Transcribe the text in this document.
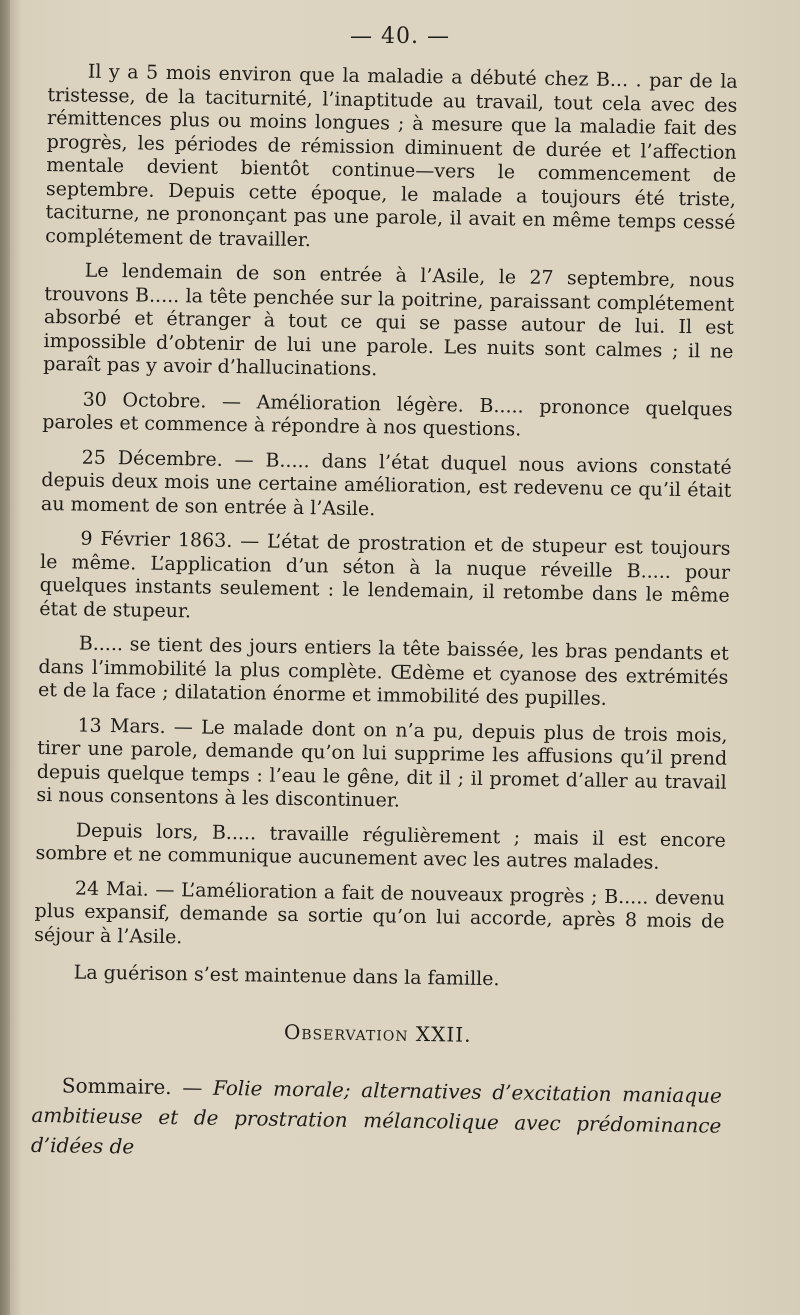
— 40. —

Il y a 5 mois environ que la maladie a débuté chez B... . par de la tristesse, de la taciturnité, l’inaptitude au travail, tout cela avec des rémittences plus ou moins longues ; à mesure que la maladie fait des progrès, les périodes de rémission diminuent de durée et l’affection mentale devient bientôt continue—vers le commencement de septembre. Depuis cette époque, le malade a toujours été triste, taciturne, ne prononçant pas une parole, il avait en même temps cessé complétement de travailler.

Le lendemain de son entrée à l’Asile, le 27 septembre, nous trouvons B..... la tête penchée sur la poitrine, paraissant complétement absorbé et étranger à tout ce qui se passe autour de lui. Il est impossible d’obtenir de lui une parole. Les nuits sont calmes ; il ne paraît pas y avoir d’hallucinations.

30 Octobre. — Amélioration légère. B..... prononce quelques paroles et commence à répondre à nos questions.

25 Décembre. — B..... dans l’état duquel nous avions constaté depuis deux mois une certaine amélioration, est redevenu ce qu’il était au moment de son entrée à l’Asile.

9 Février 1863. — L’état de prostration et de stupeur est toujours le même. L’application d’un séton à la nuque réveille B..... pour quelques instants seulement : le lendemain, il retombe dans le même état de stupeur.

B..... se tient des jours entiers la tête baissée, les bras pendants et dans l’immobilité la plus complète. Œdème et cyanose des extrémités et de la face ; dilatation énorme et immobilité des pupilles.

13 Mars. — Le malade dont on n’a pu, depuis plus de trois mois, tirer une parole, demande qu’on lui supprime les affusions qu’il prend depuis quelque temps : l’eau le gêne, dit il ; il promet d’aller au travail si nous consentons à les discontinuer.

Depuis lors, B..... travaille régulièrement ; mais il est encore sombre et ne communique aucunement avec les autres malades.

24 Mai. — L’amélioration a fait de nouveaux progrès ; B..... devenu plus expansif, demande sa sortie qu’on lui accorde, après 8 mois de séjour à l’Asile.

La guérison s’est maintenue dans la famille.

Observation XXII.

Sommaire. — Folie morale; alternatives d’excitation maniaque ambitieuse et de prostration mélancolique avec prédominance d’idées de
